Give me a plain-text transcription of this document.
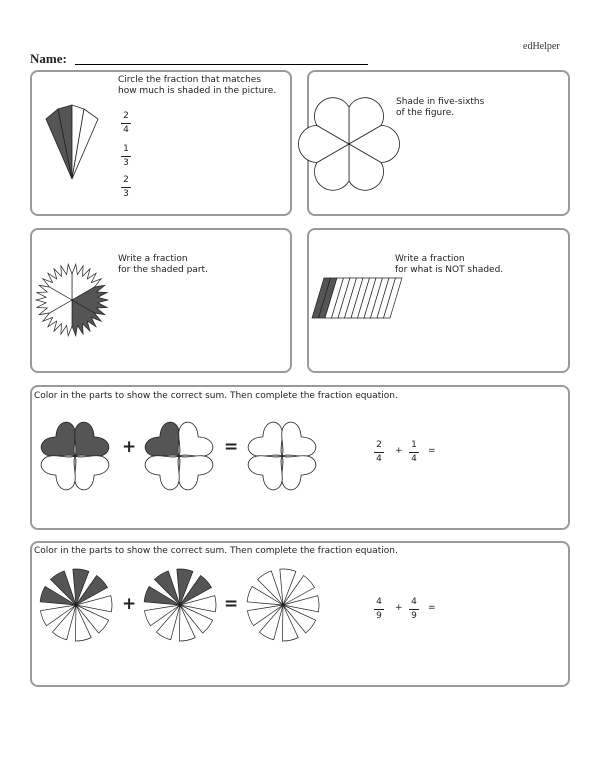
edHelper
Name:
Circle the fraction that matches
how much is shaded in the picture.
2
4
1
3
2
3
Shade in five-sixths
of the figure.
Write a fraction
for the shaded part.
Write a fraction
for what is NOT shaded.
Color in the parts to show the correct sum. Then complete the fraction equation.
+	=	2
4
+
1
4
=
Color in the parts to show the correct sum. Then complete the fraction equation.
+	=	4
9
+
4
9
=
